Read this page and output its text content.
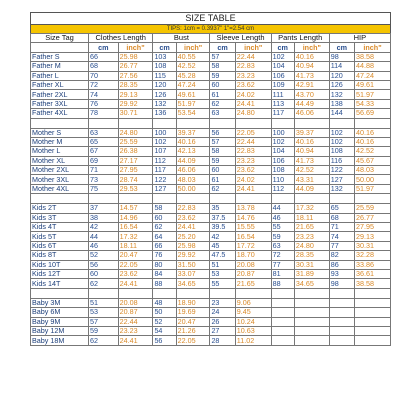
SIZE TABLE
TIPS: 1cm = 0.3937" 1"=2.54 cm
Size Tag	Clothes Length		Bust		Sleeve Length		Pants Length		HIP	
	cm	inch"	cm	inch"	cm	inch"	cm	inch"	cm	inch"
Father S	66	25.98	103	40.55	57	22.44	102	40.16	98	38.58
Father M	68	26.77	108	42.52	58	22.83	104	40.94	114	44.88
Father L	70	27.56	115	45.28	59	23.23	106	41.73	120	47.24
Father XL	72	28.35	120	47.24	60	23.62	109	42.91	126	49.61
Father 2XL	74	29.13	126	49.61	61	24.02	111	43.70	132	51.97
Father 3XL	76	29.92	132	51.97	62	24.41	113	44.49	138	54.33
Father 4XL	78	30.71	136	53.54	63	24.80	117	46.06	144	56.69

Mother S	63	24.80	100	39.37	56	22.05	100	39.37	102	40.16
Mother M	65	25.59	102	40.16	57	22.44	102	40.16	102	40.16
Mother L	67	26.38	107	42.13	58	22.83	104	40.94	108	42.52
Mother XL	69	27.17	112	44.09	59	23.23	106	41.73	116	45.67
Mother 2XL	71	27.95	117	46.06	60	23.62	108	42.52	122	48.03
Mother 3XL	73	28.74	122	48.03	61	24.02	110	43.31	127	50.00
Mother 4XL	75	29.53	127	50.00	62	24.41	112	44.09	132	51.97

Kids 2T	37	14.57	58	22.83	35	13.78	44	17.32	65	25.59
Kids 3T	38	14.96	60	23.62	37.5	14.76	46	18.11	68	26.77
Kids 4T	42	16.54	62	24.41	39.5	15.55	55	21.65	71	27.95
Kids 5T	44	17.32	64	25.20	42	16.54	59	23.23	74	29.13
Kids 6T	46	18.11	66	25.98	45	17.72	63	24.80	77	30.31
Kids 8T	52	20.47	76	29.92	47.5	18.70	72	28.35	82	32.28
Kids 10T	56	22.05	80	31.50	51	20.08	77	30.31	86	33.86
Kids 12T	60	23.62	84	33.07	53	20.87	81	31.89	93	36.61
Kids 14T	62	24.41	88	34.65	55	21.65	88	34.65	98	38.58

Baby 3M	51	20.08	48	18.90	23	9.06				
Baby 6M	53	20.87	50	19.69	24	9.45				
Baby 9M	57	22.44	52	20.47	26	10.24				
Baby 12M	59	23.23	54	21.26	27	10.63				
Baby 18M	62	24.41	56	22.05	28	11.02				
